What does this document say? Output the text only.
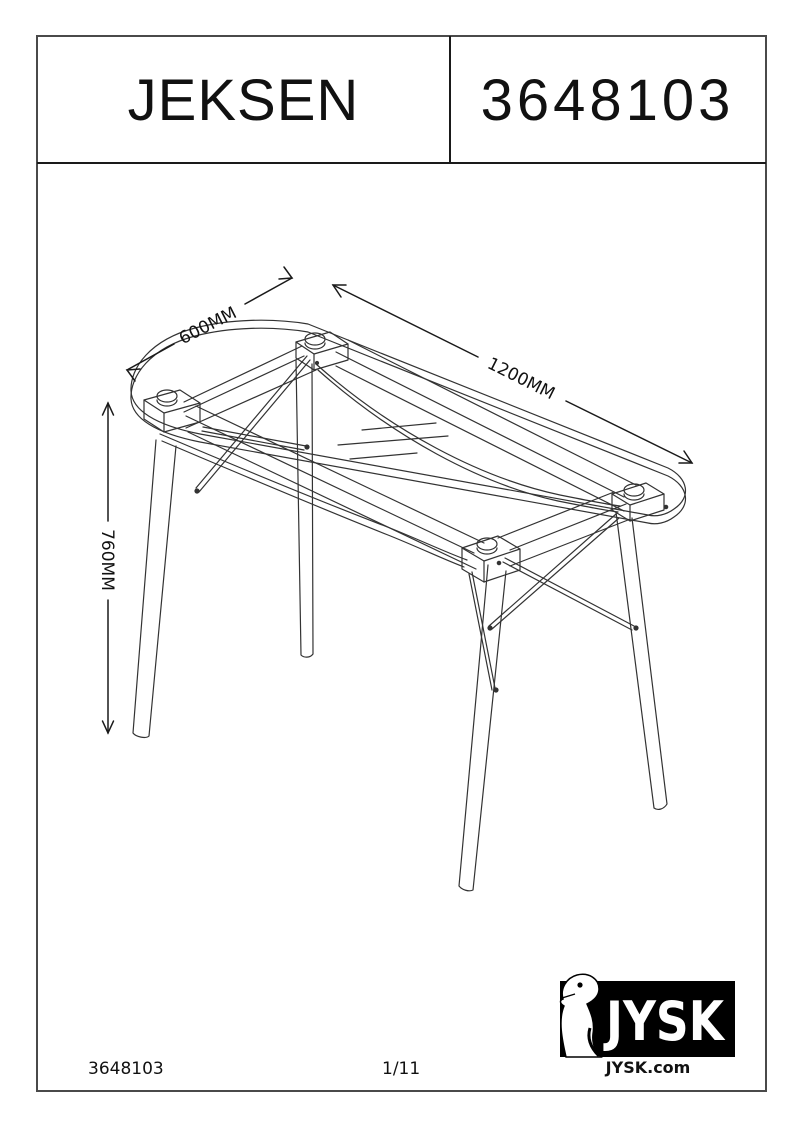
JEKSEN 3648103
600MM
1200MM
760MM
JYSK
JYSK.com
3648103	1/11
